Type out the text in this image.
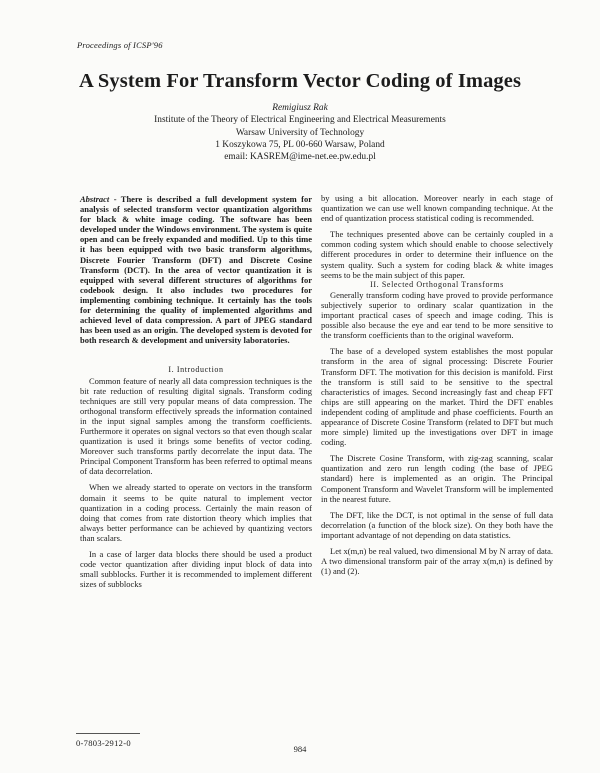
Proceedings of ICSP'96
A System For Transform Vector Coding of Images
Remigiusz Rak
Institute of the Theory of Electrical Engineering and Electrical Measurements
Warsaw University of Technology
1 Koszykowa 75, PL 00-660 Warsaw, Poland
email: KASREM@ime-net.ee.pw.edu.pl

Abstract - There is described a full development system for analysis of selected transform vector quantization algorithms for black & white image coding. The software has been developed under the Windows environment. The system is quite open and can be freely expanded and modified. Up to this time it has been equipped with two basic transform algorithms, Discrete Fourier Transform (DFT) and Discrete Cosine Transform (DCT). In the area of vector quantization it is equipped with several different structures of algorithms for codebook design. It also includes two procedures for implementing combining technique. It certainly has the tools for determining the quality of implemented algorithms and achieved level of data compression. A part of JPEG standard has been used as an origin. The developed system is devoted for both research & development and university laboratories.

I. Introduction

Common feature of nearly all data compression techniques is the bit rate reduction of resulting digital signals. Transform coding techniques are still very popular means of data compression. The orthogonal transform effectively spreads the information contained in the input signal samples among the transform coefficients. Furthermore it operates on signal vectors so that even though scalar quantization is used it brings some benefits of vector coding. Moreover such transforms partly decorrelate the input data. The Principal Component Transform has been referred to optimal means of data decorrelation.

When we already started to operate on vectors in the transform domain it seems to be quite natural to implement vector quantization in a coding process. Certainly the main reason of doing that comes from rate distortion theory which implies that always better performance can be achieved by quantizing vectors than scalars.

In a case of larger data blocks there should be used a product code vector quantization after dividing input block of data into small subblocks. Further it is recommended to implement different sizes of subblocks

by using a bit allocation. Moreover nearly in each stage of quantization we can use well known companding technique. At the end of quantization process statistical coding is recommended.

The techniques presented above can be certainly coupled in a common coding system which should enable to choose selectively different procedures in order to determine their influence on the system quality. Such a system for coding black & white images seems to be the main subject of this paper.

II. Selected Orthogonal Transforms

Generally transform coding have proved to provide performance subjectively superior to ordinary scalar quantization in the important practical cases of speech and image coding. This is possible also because the eye and ear tend to be more sensitive to the transform coefficients than to the original waveform.

The base of a developed system establishes the most popular transform in the area of signal processing: Discrete Fourier Transform DFT. The motivation for this decision is manifold. First the transform is still said to be sensitive to the spectral characteristics of images. Second increasingly fast and cheap FFT chips are still appearing on the market. Third the DFT enables independent coding of amplitude and phase coefficients. Fourth an appearance of Discrete Cosine Transform (related to DFT but much more simple) limited up the investigations over DFT in image coding.

The Discrete Cosine Transform, with zig-zag scanning, scalar quantization and zero run length coding (the base of JPEG standard) here is implemented as an origin. The Principal Component Transform and Wavelet Transform will be implemented in the nearest future.

The DFT, like the DCT, is not optimal in the sense of full data decorrelation (a function of the block size). On they both have the important advantage of not depending on data statistics.

Let x(m,n) be real valued, two dimensional M by N array of data. A two dimensional transform pair of the array x(m,n) is defined by (1) and (2).

0-7803-2912-0
984
